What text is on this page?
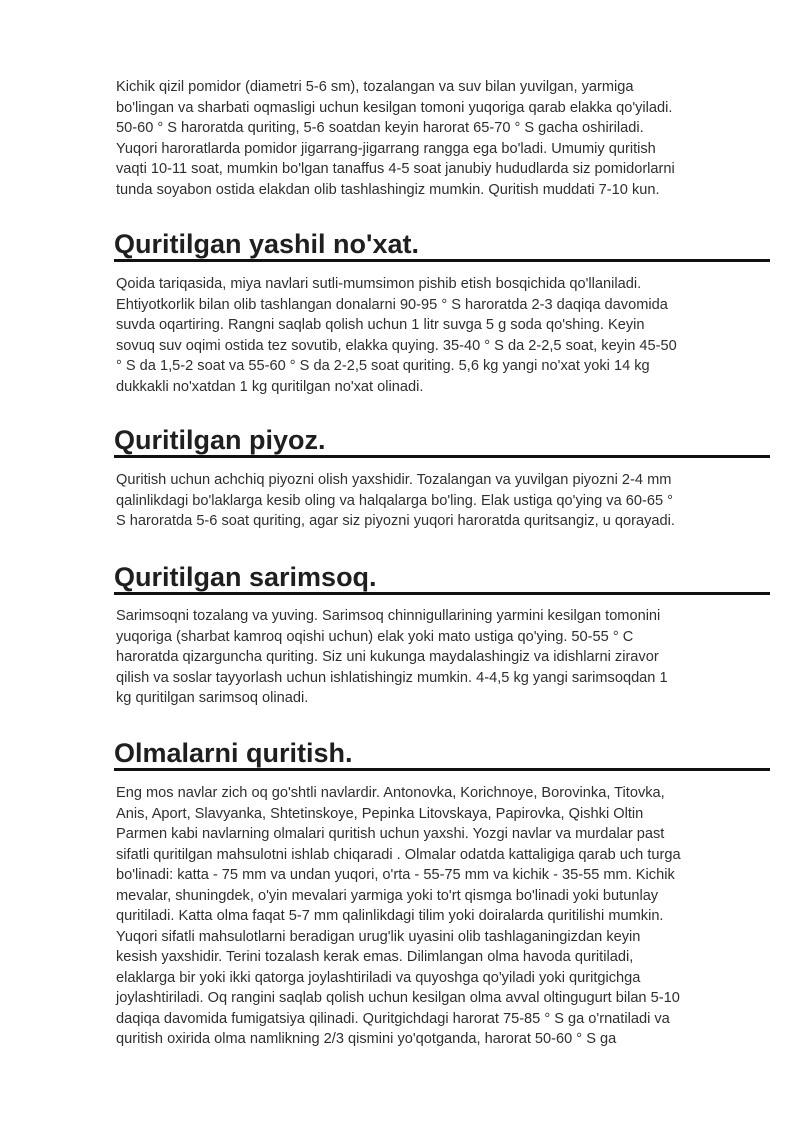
Kichik qizil pomidor (diametri 5-6 sm), tozalangan va suv bilan yuvilgan, yarmiga
bo'lingan va sharbati oqmasligi uchun kesilgan tomoni yuqoriga qarab elakka qo'yiladi.
50-60 ° S haroratda quriting, 5-6 soatdan keyin harorat 65-70 ° S gacha oshiriladi.
Yuqori haroratlarda pomidor jigarrang-jigarrang rangga ega bo'ladi. Umumiy quritish
vaqti 10-11 soat, mumkin bo'lgan tanaffus 4-5 soat janubiy hududlarda siz pomidorlarni
tunda soyabon ostida elakdan olib tashlashingiz mumkin. Quritish muddati 7-10 kun.

Quritilgan yashil no'xat.

Qoida tariqasida, miya navlari sutli-mumsimon pishib etish bosqichida qo'llaniladi.
Ehtiyotkorlik bilan olib tashlangan donalarni 90-95 ° S haroratda 2-3 daqiqa davomida
suvda oqartiring. Rangni saqlab qolish uchun 1 litr suvga 5 g soda qo'shing. Keyin
sovuq suv oqimi ostida tez sovutib, elakka quying. 35-40 ° S da 2-2,5 soat, keyin 45-50
° S da 1,5-2 soat va 55-60 ° S da 2-2,5 soat quriting. 5,6 kg yangi no'xat yoki 14 kg
dukkakli no'xatdan 1 kg quritilgan no'xat olinadi.

Quritilgan piyoz.

Quritish uchun achchiq piyozni olish yaxshidir. Tozalangan va yuvilgan piyozni 2-4 mm
qalinlikdagi bo'laklarga kesib oling va halqalarga bo'ling. Elak ustiga qo'ying va 60-65 °
S haroratda 5-6 soat quriting, agar siz piyozni yuqori haroratda quritsangiz, u qorayadi.

Quritilgan sarimsoq.

Sarimsoqni tozalang va yuving. Sarimsoq chinnigullarining yarmini kesilgan tomonini
yuqoriga (sharbat kamroq oqishi uchun) elak yoki mato ustiga qo'ying. 50-55 ° C
haroratda qizarguncha quriting. Siz uni kukunga maydalashingiz va idishlarni ziravor
qilish va soslar tayyorlash uchun ishlatishingiz mumkin. 4-4,5 kg yangi sarimsoqdan 1
kg quritilgan sarimsoq olinadi.

Olmalarni quritish.

Eng mos navlar zich oq go'shtli navlardir. Antonovka, Korichnoye, Borovinka, Titovka,
Anis, Aport, Slavyanka, Shtetinskoye, Pepinka Litovskaya, Papirovka, Qishki Oltin
Parmen kabi navlarning olmalari quritish uchun yaxshi. Yozgi navlar va murdalar past
sifatli quritilgan mahsulotni ishlab chiqaradi . Olmalar odatda kattaligiga qarab uch turga
bo'linadi: katta - 75 mm va undan yuqori, o'rta - 55-75 mm va kichik - 35-55 mm. Kichik
mevalar, shuningdek, o'yin mevalari yarmiga yoki to'rt qismga bo'linadi yoki butunlay
quritiladi. Katta olma faqat 5-7 mm qalinlikdagi tilim yoki doiralarda quritilishi mumkin.
Yuqori sifatli mahsulotlarni beradigan urug'lik uyasini olib tashlaganingizdan keyin
kesish yaxshidir. Terini tozalash kerak emas. Dilimlangan olma havoda quritiladi,
elaklarga bir yoki ikki qatorga joylashtiriladi va quyoshga qo'yiladi yoki quritgichga
joylashtiriladi. Oq rangini saqlab qolish uchun kesilgan olma avval oltingugurt bilan 5-10
daqiqa davomida fumigatsiya qilinadi. Quritgichdagi harorat 75-85 ° S ga o'rnatiladi va
quritish oxirida olma namlikning 2/3 qismini yo'qotganda, harorat 50-60 ° S ga
